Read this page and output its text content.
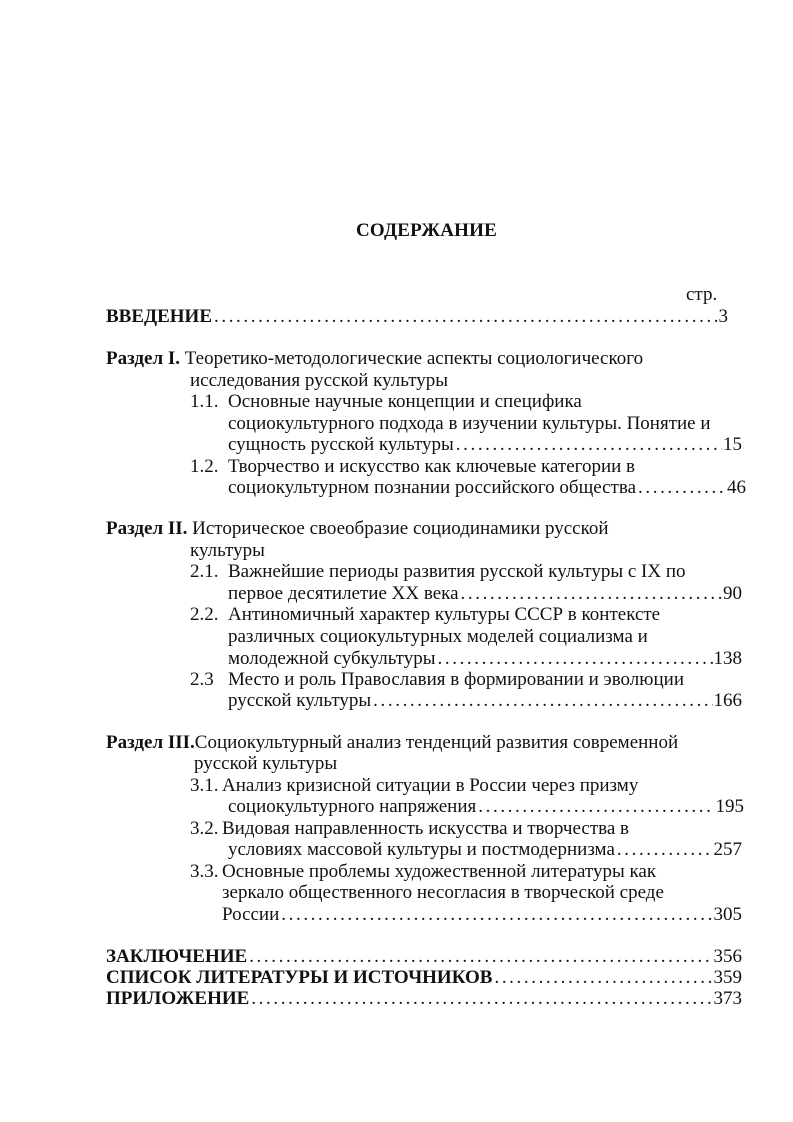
СОДЕРЖАНИЕ
стр.
ВВЕДЕНИЕ .....	3
Раздел I. Теоретико-методологические аспекты социологического
исследования русской культуры
1.1. Основные научные концепции и специфика
социокультурного подхода в изучении культуры. Понятие и
сущность русской культуры .....	15
1.2. Творчество и искусство как ключевые категории в
социокультурном познании российского общества .....	46
Раздел II. Историческое своеобразие социодинамики русской
культуры
2.1. Важнейшие периоды развития русской культуры с IX по
первое десятилетие XX века .....	90
2.2. Антиномичный характер культуры СССР в контексте
различных социокультурных моделей социализма и
молодежной субкультуры .....	138
2.3 Место и роль Православия в формировании и эволюции
русской культуры .....	166
Раздел III.Социокультурный анализ тенденций развития современной
русской культуры
3.1. Анализ кризисной ситуации в России через призму
социокультурного напряжения .....	195
3.2. Видовая направленность искусства и творчества в
условиях массовой культуры и постмодернизма .....	257
3.3. Основные проблемы художественной литературы как
зеркало общественного несогласия в творческой среде
России .....	305
ЗАКЛЮЧЕНИЕ .....	356
СПИСОК ЛИТЕРАТУРЫ И ИСТОЧНИКОВ .....	359
ПРИЛОЖЕНИЕ .....	373
